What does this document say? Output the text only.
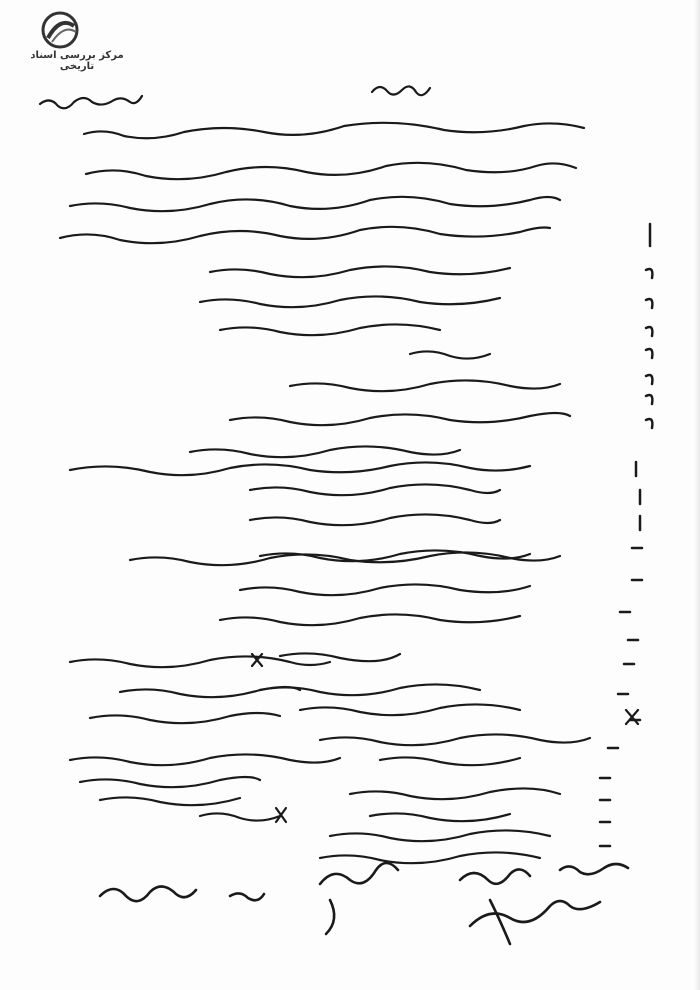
مرکز بررسی اسناد تاریخی
